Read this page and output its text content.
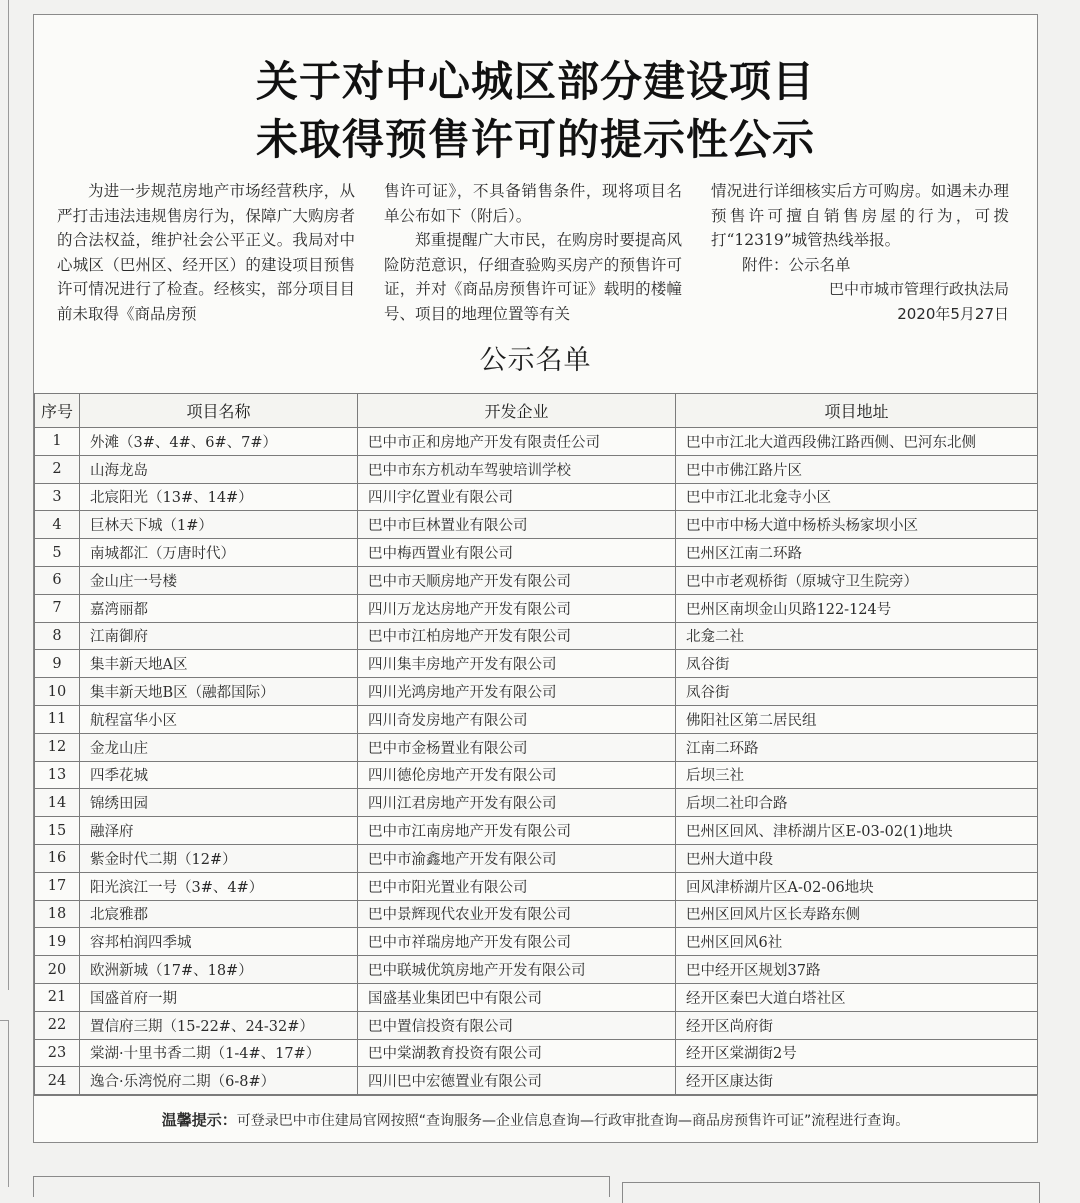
关于对中心城区部分建设项目
未取得预售许可的提示性公示

为进一步规范房地产市场经营秩序，从严打击违法违规售房行为，保障广大购房者的合法权益，维护社会公平正义。我局对中心城区（巴州区、经开区）的建设项目预售许可情况进行了检查。经核实，部分项目目前未取得《商品房预

售许可证》，不具备销售条件，现将项目名单公布如下（附后）。

郑重提醒广大市民，在购房时要提高风险防范意识，仔细查验购买房产的预售许可证，并对《商品房预售许可证》载明的楼幢号、项目的地理位置等有关

情况进行详细核实后方可购房。如遇未办理预售许可擅自销售房屋的行为，可拨打“12319”城管热线举报。

附件：公示名单

巴中市城市管理行政执法局

2020年5月27日

公示名单
序号	项目名称	开发企业	项目地址
1	外滩（3#、4#、6#、7#）	巴中市正和房地产开发有限责任公司	巴中市江北大道西段佛江路西侧、巴河东北侧
2	山海龙岛	巴中市东方机动车驾驶培训学校	巴中市佛江路片区
3	北宸阳光（13#、14#）	四川宇亿置业有限公司	巴中市江北北龛寺小区
4	巨林天下城（1#）	巴中市巨林置业有限公司	巴中市中杨大道中杨桥头杨家坝小区
5	南城都汇（万唐时代）	巴中梅西置业有限公司	巴州区江南二环路
6	金山庄一号楼	巴中市天顺房地产开发有限公司	巴中市老观桥街（原城守卫生院旁）
7	嘉湾丽都	四川万龙达房地产开发有限公司	巴州区南坝金山贝路122-124号
8	江南御府	巴中市江柏房地产开发有限公司	北龛二社
9	集丰新天地A区	四川集丰房地产开发有限公司	凤谷街
10	集丰新天地B区（融都国际）	四川光鸿房地产开发有限公司	凤谷街
11	航程富华小区	四川奇发房地产有限公司	佛阳社区第二居民组
12	金龙山庄	巴中市金杨置业有限公司	江南二环路
13	四季花城	四川德伦房地产开发有限公司	后坝三社
14	锦绣田园	四川江君房地产开发有限公司	后坝二社印合路
15	融泽府	巴中市江南房地产开发有限公司	巴州区回风、津桥湖片区E-03-02(1)地块
16	紫金时代二期（12#）	巴中市渝鑫地产开发有限公司	巴州大道中段
17	阳光滨江一号（3#、4#）	巴中市阳光置业有限公司	回风津桥湖片区A-02-06地块
18	北宸雅郡	巴中景辉现代农业开发有限公司	巴州区回风片区长寿路东侧
19	容邦柏润四季城	巴中市祥瑞房地产开发有限公司	巴州区回风6社
20	欧洲新城（17#、18#）	巴中联城优筑房地产开发有限公司	巴中经开区规划37路
21	国盛首府一期	国盛基业集团巴中有限公司	经开区秦巴大道白塔社区
22	置信府三期（15-22#、24-32#）	巴中置信投资有限公司	经开区尚府街
23	棠湖·十里书香二期（1-4#、17#）	巴中棠湖教育投资有限公司	经开区棠湖街2号
24	逸合·乐湾悦府二期（6-8#）	四川巴中宏德置业有限公司	经开区康达街
温馨提示：可登录巴中市住建局官网按照“查询服务—企业信息查询—行政审批查询—商品房预售许可证”流程进行查询。
